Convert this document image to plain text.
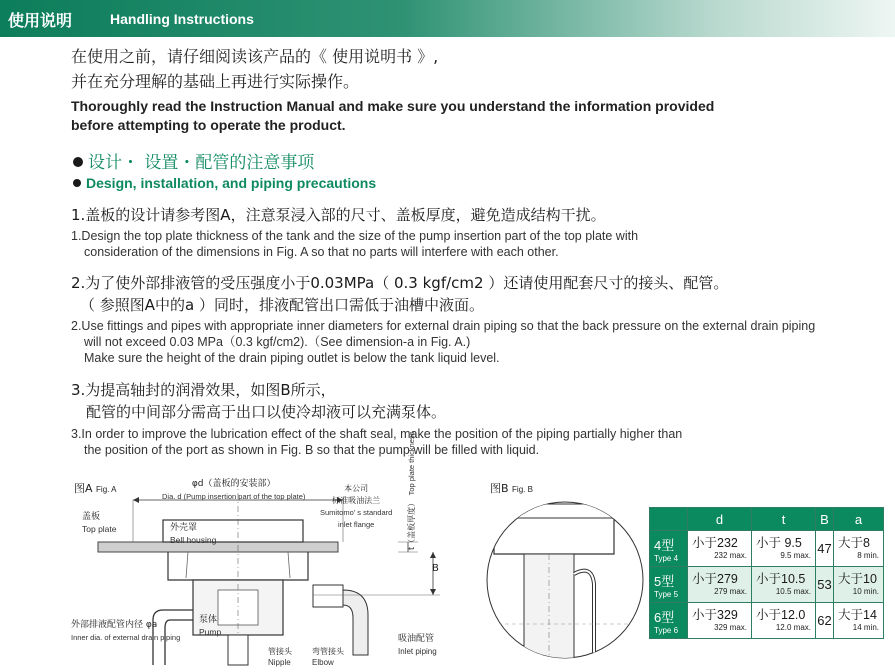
使用说明	Handling Instructions
在使用之前，请仔细阅读该产品的《 使用说明书 》,
并在充分理解的基础上再进行实际操作。
Thoroughly read the Instruction Manual and make sure you understand the information provided
before attempting to operate the product.
设计・ 设置・配管的注意事项
Design, installation, and piping precautions
1.盖板的设计请参考图A，注意泵浸入部的尺寸、盖板厚度，避免造成结构干扰。
1.Design the top plate thickness of the tank and the size of the pump insertion part of the top plate with
consideration of the dimensions in Fig. A so that no parts will interfere with each other.
2.为了使外部排液管的受压强度小于0.03MPa（ 0.3 kgf/cm2 ）还请使用配套尺寸的接头、配管。
（ 参照图A中的a ）同时，排液配管出口需低于油槽中液面。
2.Use fittings and pipes with appropriate inner diameters for external drain piping so that the back pressure on the external drain piping
will not exceed 0.03 MPa（0.3 kgf/cm2).（See dimension-a in Fig. A.)
Make sure the height of the drain piping outlet is below the tank liquid level.
3.为提高轴封的润滑效果，如图B所示，
配管的中间部分需高于出口以使冷却液可以充满泵体。
3.In order to improve the lubrication effect of the shaft seal, make the position of the piping partially higher than
the position of the port as shown in Fig. B so that the pump will be filled with liquid.
图A Fig. A
φd（盖板的安装部）
Dia. d (Pump insertion part of the top plate)
本公司
标准吸油法兰
Sumitomo' s standard
inlet flange
盖板
Top plate	外壳罩
Bell housing	t（盖板厚度） Top plate thickness
B
外部排液配管内径 φa
Inner dia. of external drain piping
泵体
Pump
管接头
Nipple
弯管接头
Elbow
吸油配管
Inlet piping
图B Fig. B
	d	t	B	a

4型
Type 4	小于232
232 max.	小于 9.5
9.5 max.	47	大于8
8 min.

5型
Type 5	小于279
279 max.	小于10.5
10.5 max.	53	大于10
10 min.

6型
Type 6	小于329
329 max.	小于12.0
12.0 max.	62	大于14
14 min.
